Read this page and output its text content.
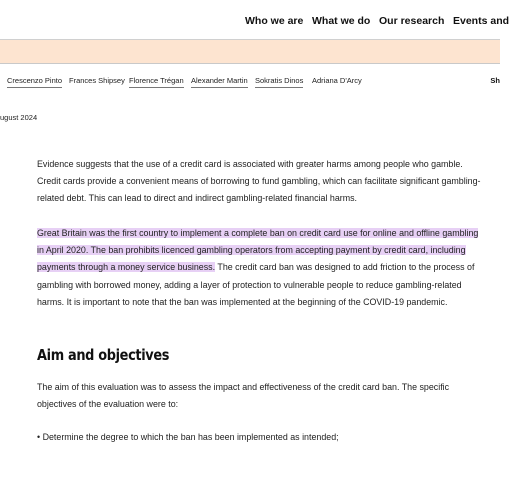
Who we are What we do Our research Events and
Crescenzo Pinto Frances Shipsey Florence Trégan Alexander Martin Sokratis Dinos Adriana D'Arcy	Sh
ugust 2024

Evidence suggests that the use of a credit card is associated with greater harms among people who gamble. Credit cards provide a convenient means of borrowing to fund gambling, which can facilitate significant gambling-related debt. This can lead to direct and indirect gambling-related financial harms.

Great Britain was the first country to implement a complete ban on credit card use for online and offline gambling in April 2020. The ban prohibits licenced gambling operators from accepting payment by credit card, including payments through a money service business. The credit card ban was designed to add friction to the process of gambling with borrowed money, adding a layer of protection to vulnerable people to reduce gambling-related harms. It is important to note that the ban was implemented at the beginning of the COVID-19 pandemic.

Aim and objectives

The aim of this evaluation was to assess the impact and effectiveness of the credit card ban. The specific objectives of the evaluation were to:

• Determine the degree to which the ban has been implemented as intended;
